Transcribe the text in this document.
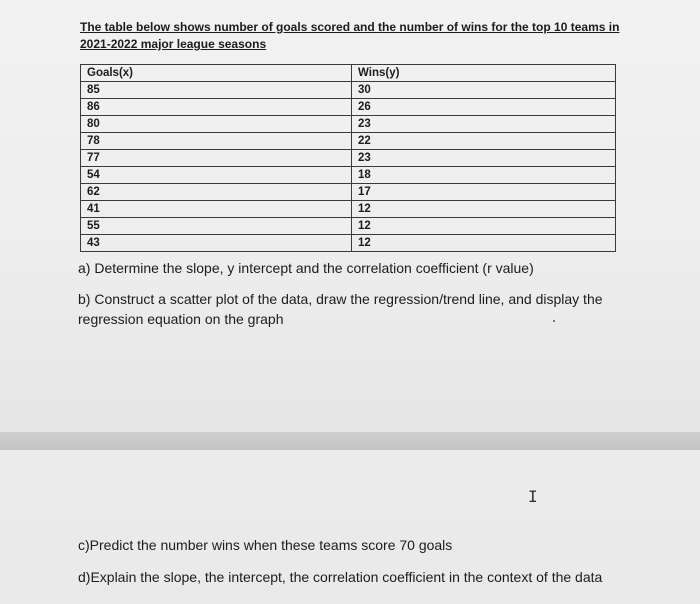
The table below shows number of goals scored and the number of wins for the top 10 teams in 2021-2022 major league seasons
Goals(x)	Wins(y)
85	30
86	26
80	23
78	22
77	23
54	18
62	17
41	12
55	12
43	12
a) Determine the slope, y intercept and the correlation coefficient (r value)
b) Construct a scatter plot of the data, draw the regression/trend line, and display the regression equation on the graph
I
c)Predict the number wins when these teams score 70 goals
d)Explain the slope, the intercept, the correlation coefficient in the context of the data
